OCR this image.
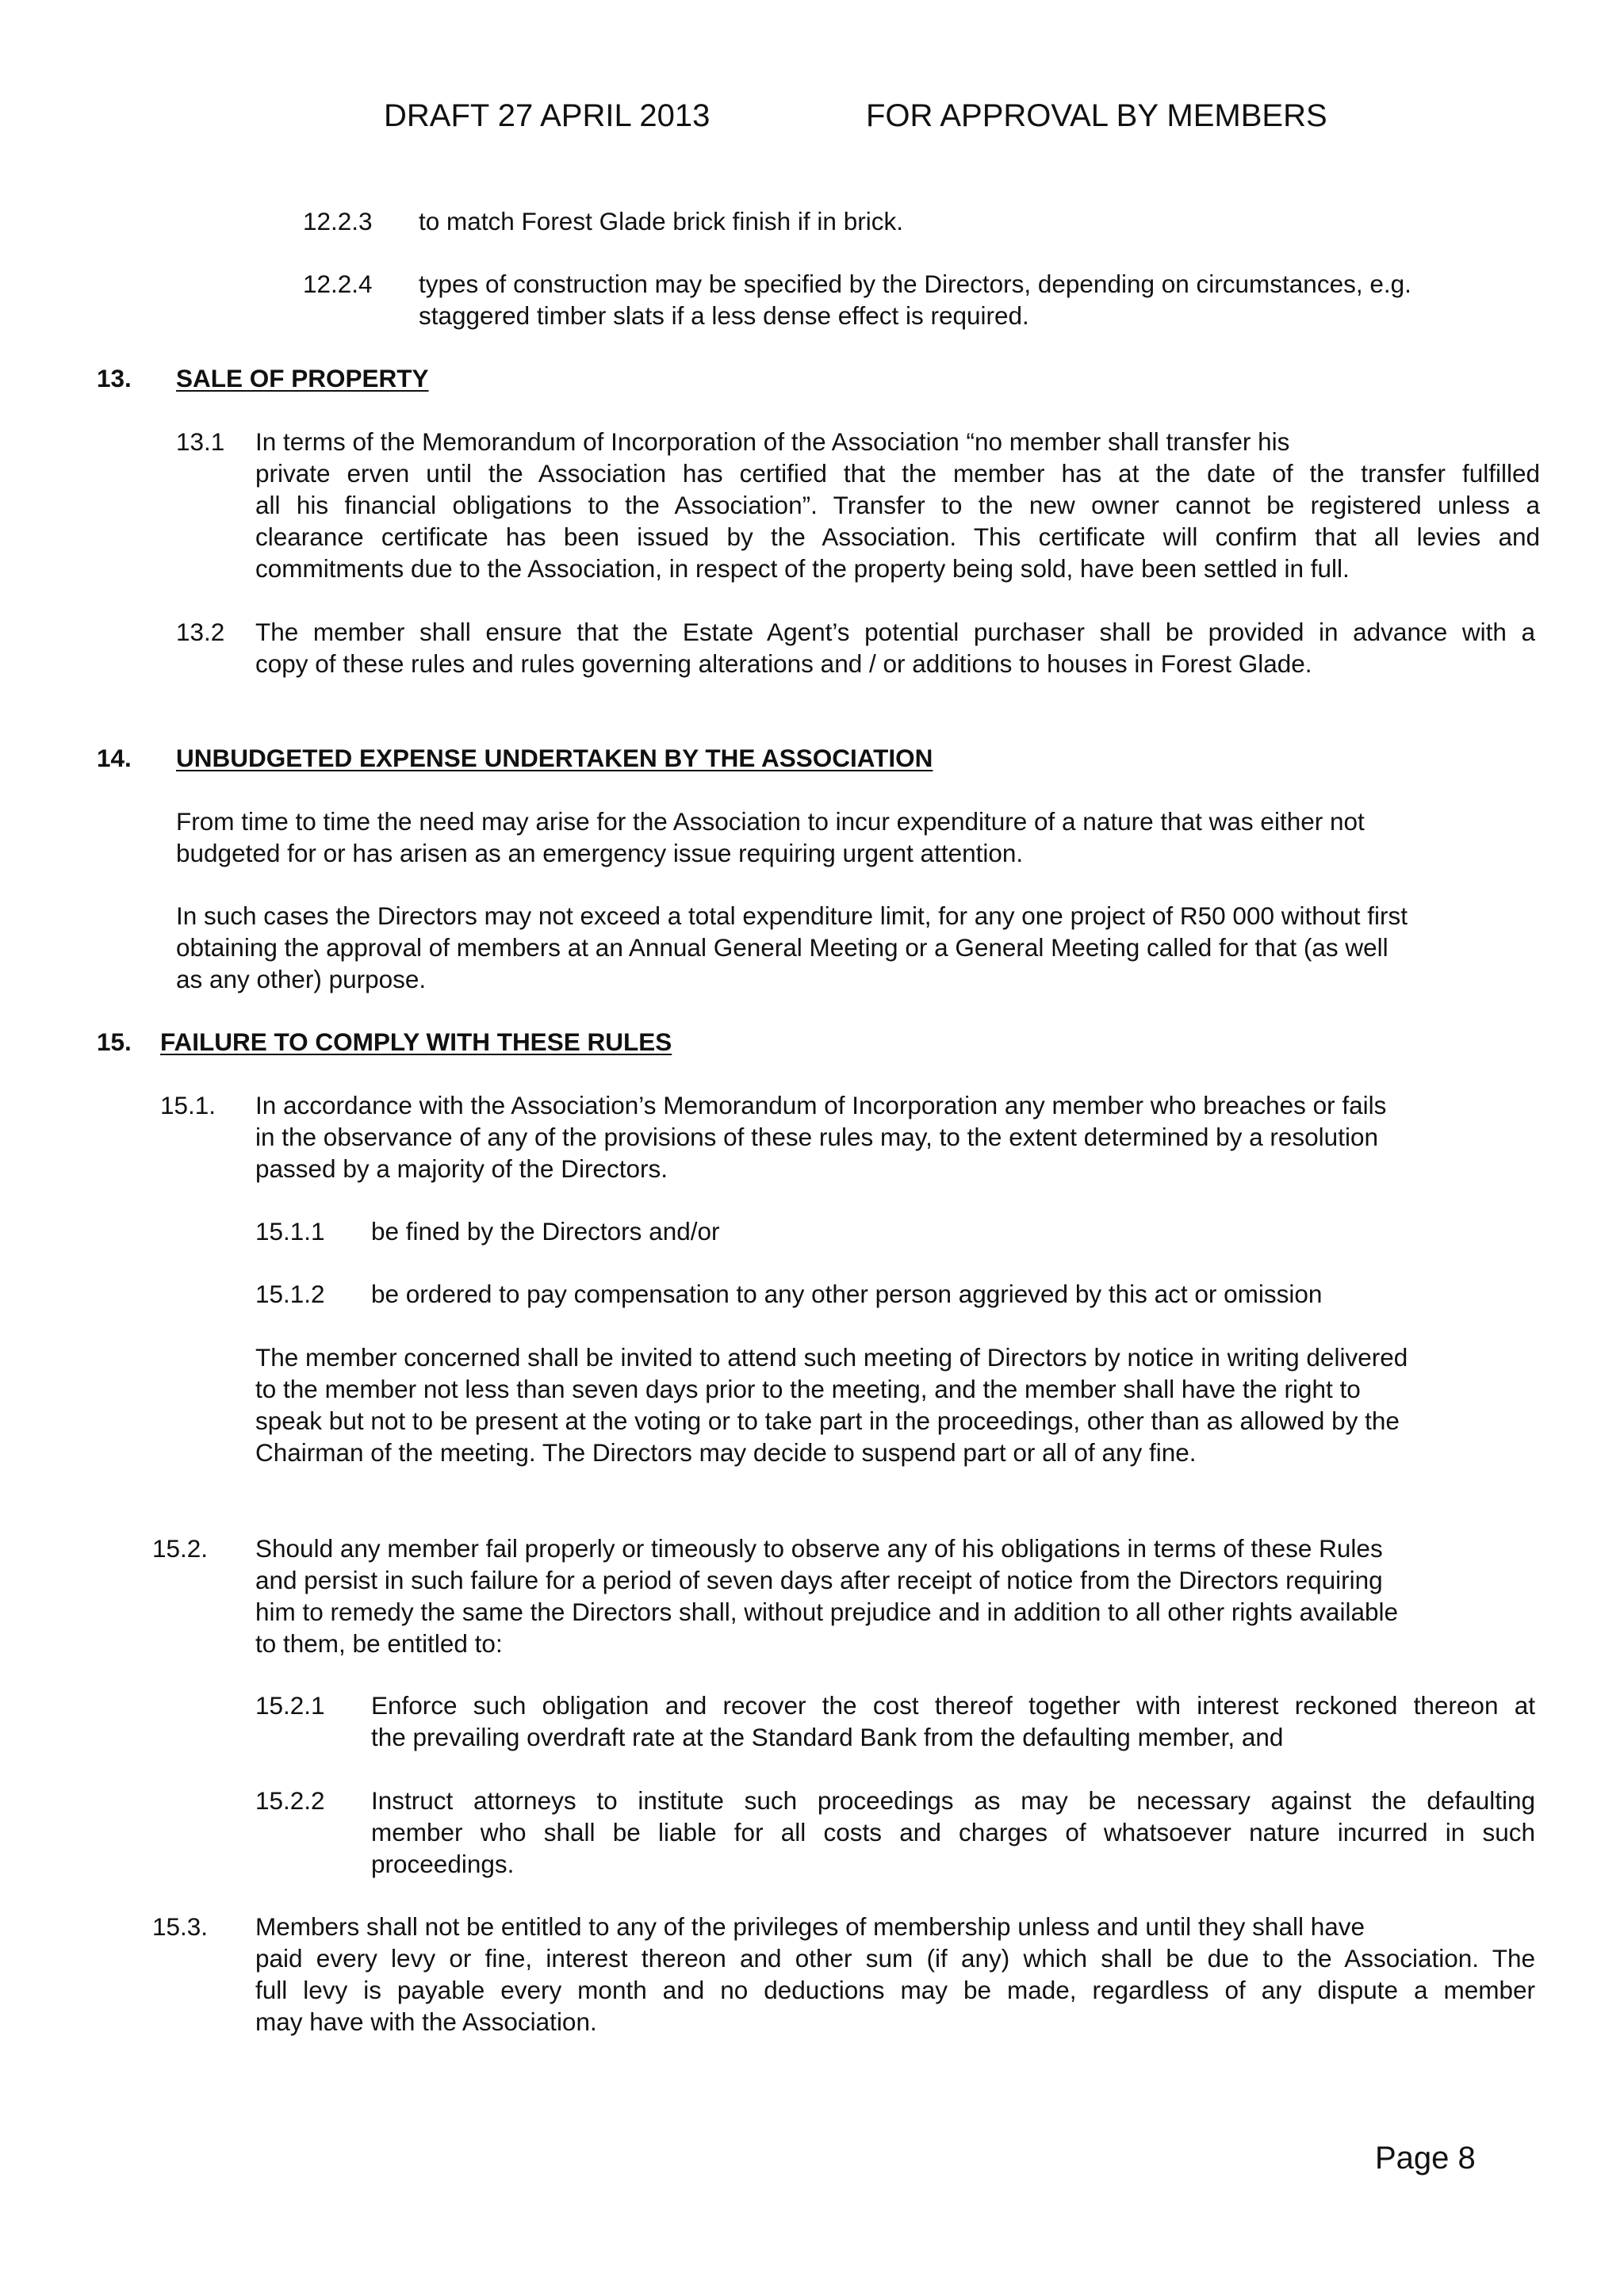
DRAFT 27 APRIL 2013	FOR APPROVAL BY MEMBERS
12.2.3 to match Forest Glade brick finish if in brick.
12.2.4 types of construction may be specified by the Directors, depending on circumstances, e.g.
staggered timber slats if a less dense effect is required.
13. SALE OF PROPERTY
13.1 In terms of the Memorandum of Incorporation of the Association “no member shall transfer his
private erven until the Association has certified that the member has at the date of the transfer fulfilled
all his financial obligations to the Association”. Transfer to the new owner cannot be registered unless a
clearance certificate has been issued by the Association. This certificate will confirm that all levies and
commitments due to the Association, in respect of the property being sold, have been settled in full.
13.2 The member shall ensure that the Estate Agent’s potential purchaser shall be provided in advance with a
copy of these rules and rules governing alterations and / or additions to houses in Forest Glade.
14. UNBUDGETED EXPENSE UNDERTAKEN BY THE ASSOCIATION
From time to time the need may arise for the Association to incur expenditure of a nature that was either not
budgeted for or has arisen as an emergency issue requiring urgent attention.
In such cases the Directors may not exceed a total expenditure limit, for any one project of R50 000 without first
obtaining the approval of members at an Annual General Meeting or a General Meeting called for that (as well
as any other) purpose.
15. FAILURE TO COMPLY WITH THESE RULES
15.1. In accordance with the Association’s Memorandum of Incorporation any member who breaches or fails
in the observance of any of the provisions of these rules may, to the extent determined by a resolution
passed by a majority of the Directors.
15.1.1 be fined by the Directors and/or
15.1.2 be ordered to pay compensation to any other person aggrieved by this act or omission
The member concerned shall be invited to attend such meeting of Directors by notice in writing delivered
to the member not less than seven days prior to the meeting, and the member shall have the right to
speak but not to be present at the voting or to take part in the proceedings, other than as allowed by the
Chairman of the meeting. The Directors may decide to suspend part or all of any fine.
15.2. Should any member fail properly or timeously to observe any of his obligations in terms of these Rules
and persist in such failure for a period of seven days after receipt of notice from the Directors requiring
him to remedy the same the Directors shall, without prejudice and in addition to all other rights available
to them, be entitled to:
15.2.1 Enforce such obligation and recover the cost thereof together with interest reckoned thereon at
the prevailing overdraft rate at the Standard Bank from the defaulting member, and
15.2.2 Instruct attorneys to institute such proceedings as may be necessary against the defaulting
member who shall be liable for all costs and charges of whatsoever nature incurred in such
proceedings.
15.3. Members shall not be entitled to any of the privileges of membership unless and until they shall have
paid every levy or fine, interest thereon and other sum (if any) which shall be due to the Association. The
full levy is payable every month and no deductions may be made, regardless of any dispute a member
may have with the Association.
Page 8
